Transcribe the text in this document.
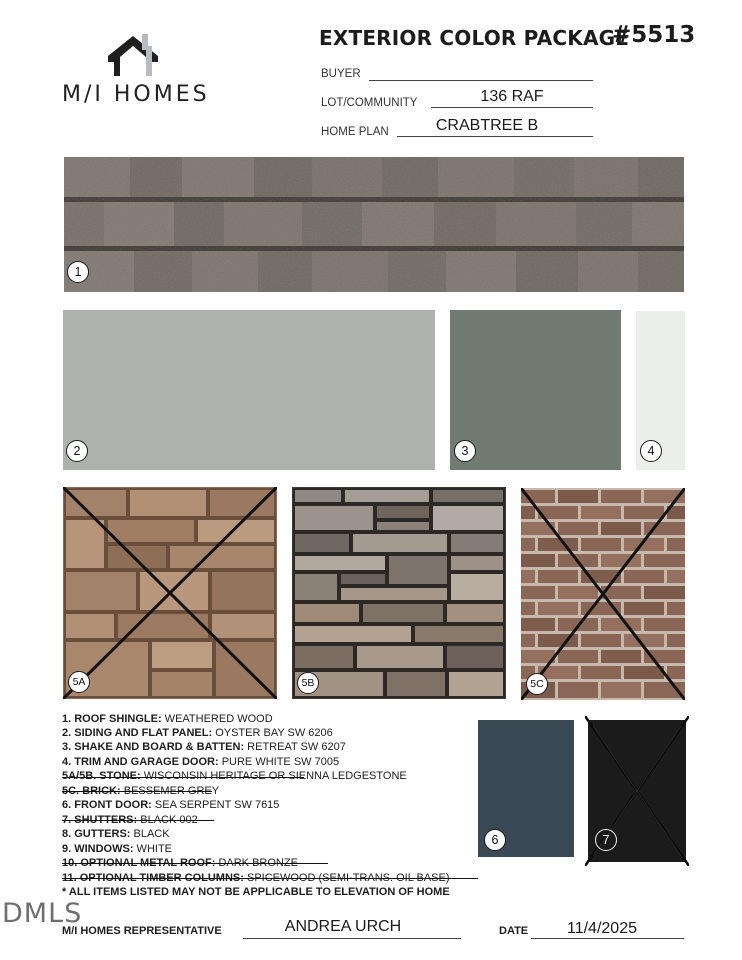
M/I HOMES
EXTERIOR COLOR PACKAGE
#5513
BUYER
LOT/COMMUNITY	136 RAF
HOME PLAN	CRABTREE B
1
2	3	4
5A	5B	5C
6	7
1. ROOF SHINGLE: WEATHERED WOOD
2. SIDING AND FLAT PANEL: OYSTER BAY SW 6206
3. SHAKE AND BOARD & BATTEN: RETREAT SW 6207
4. TRIM AND GARAGE DOOR: PURE WHITE SW 7005
5A/5B. STONE: WISCONSIN HERITAGE OR SIENNA LEDGESTONE
5C. BRICK: BESSEMER GREY
6. FRONT DOOR: SEA SERPENT SW 7615
7. SHUTTERS: BLACK 002
8. GUTTERS: BLACK
9. WINDOWS: WHITE
10. OPTIONAL METAL ROOF: DARK BRONZE
11. OPTIONAL TIMBER COLUMNS: SPICEWOOD (SEMI-TRANS. OIL BASE)
* ALL ITEMS LISTED MAY NOT BE APPLICABLE TO ELEVATION OF HOME
DMLS
M/I HOMES REPRESENTATIVE	ANDREA URCH	DATE	11/4/2025
